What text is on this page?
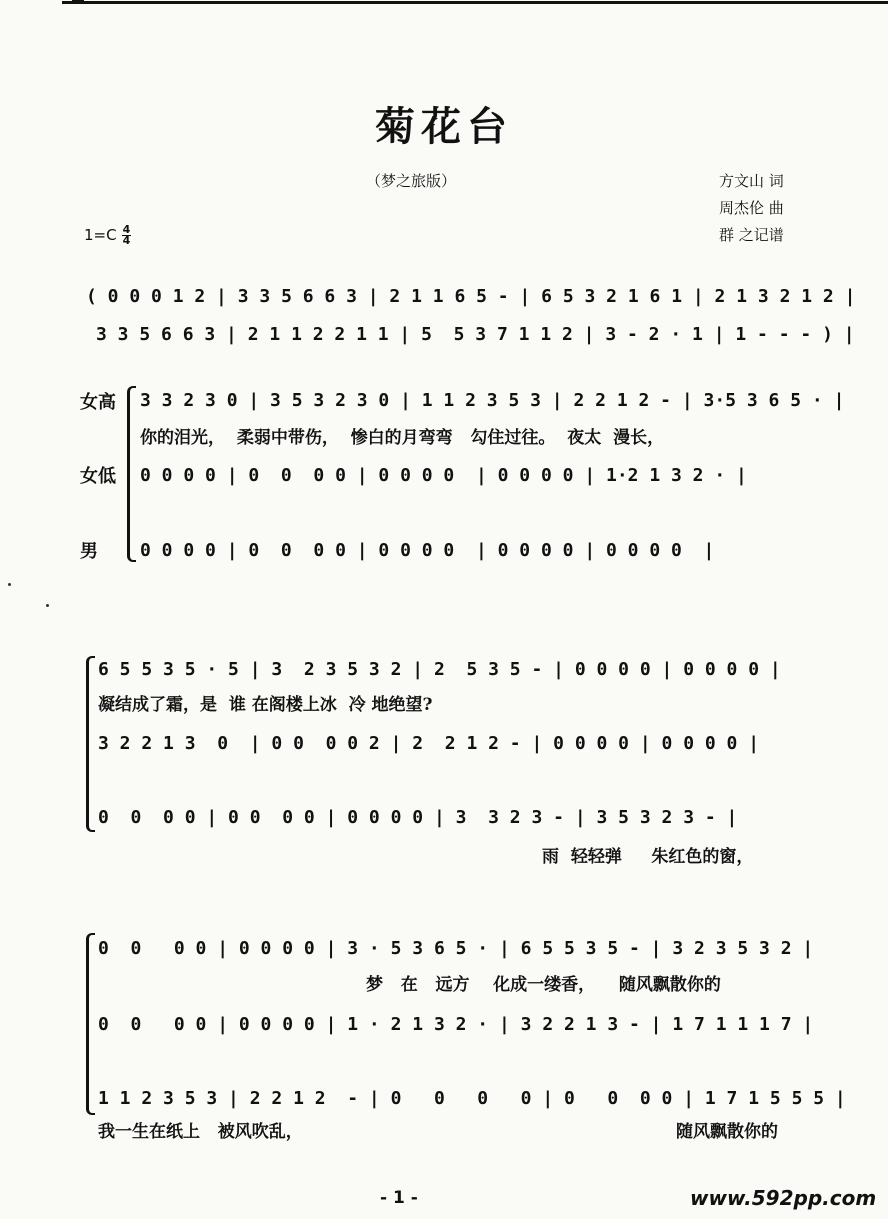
菊花台
（梦之旅版）	方文山 词
周杰伦 曲
群 之记谱
$1=C \frac{4}{4}$
( 0 0 0 1 2 | 3 3 5 6 6 3 | 2 1 1 6 5 - | 6 5 3 2 1 6 1 | 2 1 3 2 1 2 |
3 3 5 6 6 3 | 2 1 1 2 2 1 1 | 5  5 3 7 1 1 2 | 3 - 2 · 1 | 1 - - - ) |
女高
女低
男
3 3 2 3 0 | 3 5 3 2 3 0 | 1 1 2 3 5 3 | 2 2 1 2 - | 3·5 3 6 5 · |
你的泪光，  柔弱中带伤，  惨白的月弯弯   勾住过往。  夜太  漫长，
0 0 0 0 | 0  0  0 0 | 0 0 0 0  | 0 0 0 0 | 1·2 1 3 2 · |
0 0 0 0 | 0  0  0 0 | 0 0 0 0  | 0 0 0 0 | 0 0 0 0  |
6 5 5 3 5 · 5 | 3  2 3 5 3 2 | 2  5 3 5 - | 0 0 0 0 | 0 0 0 0 |
凝结成了霜，是  谁 在阁楼上冰  冷 地绝望?
3 2 2 1 3  0  | 0 0  0 0 2 | 2  2 1 2 - | 0 0 0 0 | 0 0 0 0 |
0  0  0 0 | 0 0  0 0 | 0 0 0 0 | 3  3 2 3 - | 3 5 3 2 3 - |
雨  轻轻弹     朱红色的窗，
0  0   0 0 | 0 0 0 0 | 3 · 5 3 6 5 · | 6 5 5 3 5 - | 3 2 3 5 3 2 |
梦   在   远方    化成一缕香，    随风飘散你的
0  0   0 0 | 0 0 0 0 | 1 · 2 1 3 2 · | 3 2 2 1 3 - | 1 7 1 1 1 7 |
1 1 2 3 5 3 | 2 2 1 2  - | 0   0   0   0 | 0   0  0 0 | 1 7 1 5 5 5 |
我一生在纸上   被风吹乱，	随风飘散你的
- 1 -	www.592pp.com
